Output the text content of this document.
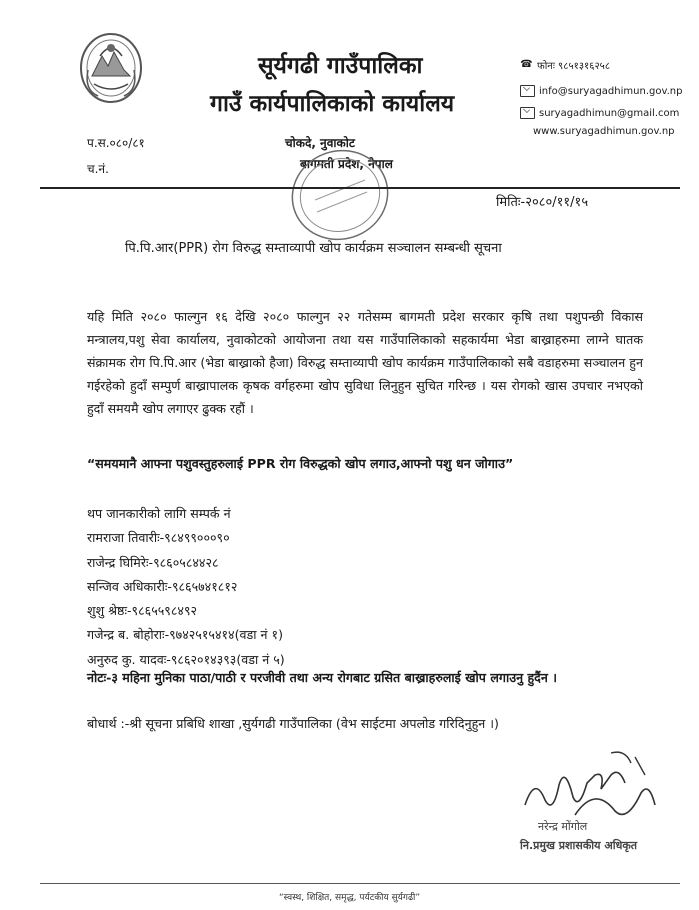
सूर्यगढी गाउँपालिका
गाउँ कार्यपालिकाको कार्यालय
☎ फोनः ९८५१३१६२५८
info@suryagadhimun.gov.np
suryagadhimun@gmail.com
www.suryagadhimun.gov.np
प.स.०८०/८१
च.नं.
चोकदे, नुवाकोट
बागमती प्रदेश, नेपाल
मितिः-२०८०/११/१५
पि.पि.आर(PPR) रोग विरुद्ध सम्ताव्यापी खोप कार्यक्रम सञ्चालन सम्बन्धी सूचना
यहि मिति २०८० फाल्गुन १६ देखि २०८० फाल्गुन २२ गतेसम्म बागमती प्रदेश सरकार कृषि तथा पशुपन्छी विकास मन्त्रालय,पशु सेवा कार्यालय, नुवाकोटको आयोजना तथा यस गाउँपालिकाको सहकार्यमा भेडा बाख्राहरुमा लाग्ने घातक संक्रामक रोग पि.पि.आर (भेडा बाख्राको हैजा) विरुद्ध सम्ताव्यापी खोप कार्यक्रम गाउँपालिकाको सबै वडाहरुमा सञ्चालन हुन गईरहेको हुदाँ सम्पुर्ण बाख्रापालक कृषक वर्गहरुमा खोप सुविधा लिनुहुन सुचित गरिन्छ । यस रोगको खास उपचार नभएको हुदाँ समयमै खोप लगाएर ढुक्क रहौं ।
“समयमानै आफ्ना पशुवस्तुहरुलाई PPR रोग विरुद्धको खोप लगाउ,आफ्नो पशु धन जोगाउ”
थप जानकारीको लागि सम्पर्क नं
रामराजा तिवारीः-९८४९९०००९०
राजेन्द्र घिमिरेः-९८६०५८४४२८
सन्जिव अधिकारीः-९८६५७४१८१२
शुशु श्रेष्ठः-९८६५५९८४९२
गजेन्द्र ब. बोहोराः-९७४२५१५४१४(वडा नं १)
अनुरुद कु. यादवः-९८६२०१४३९३(वडा नं ५)
नोटः-३ महिना मुनिका पाठा/पाठी र परजीवी तथा अन्य रोगबाट ग्रसित बाख्राहरुलाई खोप लगाउनु हुदैंन ।
बोधार्थ :-श्री सूचना प्रबिधि शाखा ,सुर्यगढी गाउँपालिका (वेभ साईटमा अपलोड गरिदिनुहुन ।)
नरेन्द्र मोंगोल
नि.प्रमुख प्रशासकीय अधिकृत
“स्वस्थ, शिक्षित, समृद्ध, पर्यटकीय सुर्यगढी”
